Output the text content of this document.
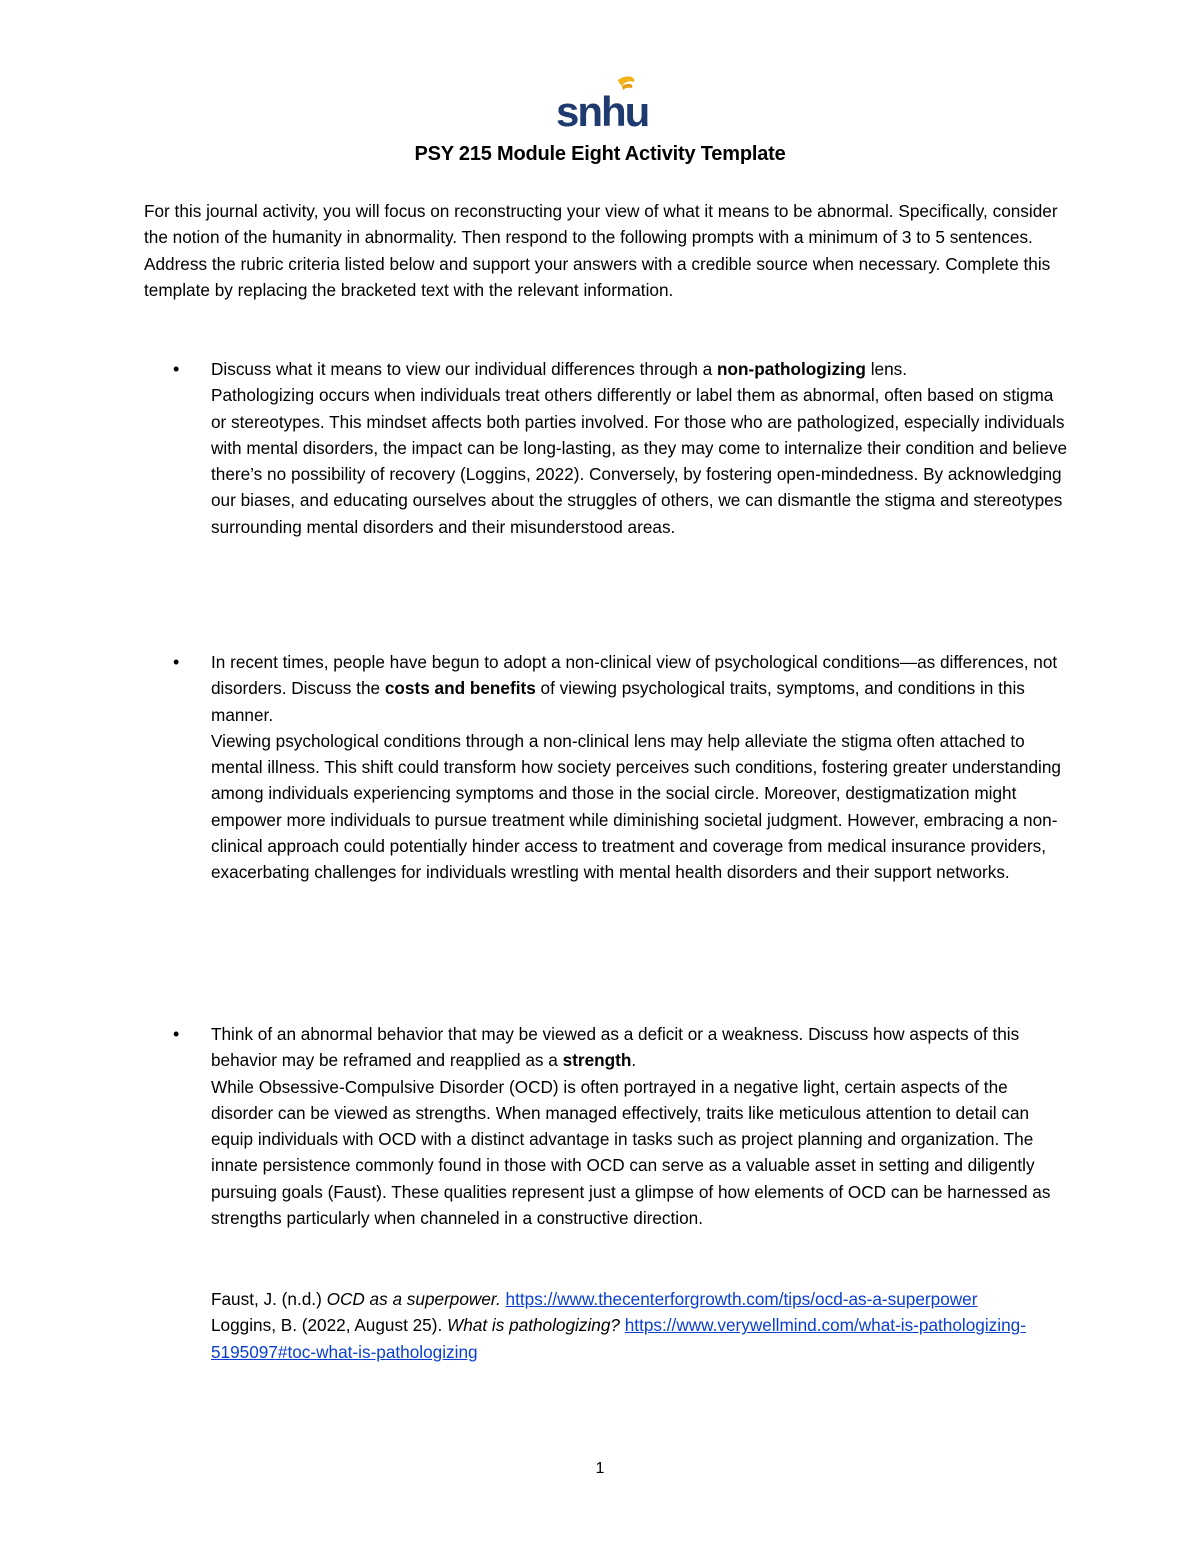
snhu
PSY 215 Module Eight Activity Template
For this journal activity, you will focus on reconstructing your view of what it means to be abnormal. Specifically, consider the notion of the humanity in abnormality. Then respond to the following prompts with a minimum of 3 to 5 sentences. Address the rubric criteria listed below and support your answers with a credible source when necessary. Complete this template by replacing the bracketed text with the relevant information.
•
Discuss what it means to view our individual differences through a non-pathologizing lens.
Pathologizing occurs when individuals treat others differently or label them as abnormal, often based on stigma or stereotypes. This mindset affects both parties involved. For those who are pathologized, especially individuals with mental disorders, the impact can be long-lasting, as they may come to internalize their condition and believe there’s no possibility of recovery (Loggins, 2022). Conversely, by fostering open-mindedness. By acknowledging our biases, and educating ourselves about the struggles of others, we can dismantle the stigma and stereotypes surrounding mental disorders and their misunderstood areas.
•
In recent times, people have begun to adopt a non-clinical view of psychological conditions—as differences, not disorders. Discuss the costs and benefits of viewing psychological traits, symptoms, and conditions in this manner.
Viewing psychological conditions through a non-clinical lens may help alleviate the stigma often attached to mental illness. This shift could transform how society perceives such conditions, fostering greater understanding among individuals experiencing symptoms and those in the social circle. Moreover, destigmatization might empower more individuals to pursue treatment while diminishing societal judgment. However, embracing a non-clinical approach could potentially hinder access to treatment and coverage from medical insurance providers, exacerbating challenges for individuals wrestling with mental health disorders and their support networks.
•
Think of an abnormal behavior that may be viewed as a deficit or a weakness. Discuss how aspects of this behavior may be reframed and reapplied as a strength.
While Obsessive-Compulsive Disorder (OCD) is often portrayed in a negative light, certain aspects of the disorder can be viewed as strengths. When managed effectively, traits like meticulous attention to detail can equip individuals with OCD with a distinct advantage in tasks such as project planning and organization. The innate persistence commonly found in those with OCD can serve as a valuable asset in setting and diligently pursuing goals (Faust). These qualities represent just a glimpse of how elements of OCD can be harnessed as strengths particularly when channeled in a constructive direction.
Faust, J. (n.d.) OCD as a superpower. https://www.thecenterforgrowth.com/tips/ocd-as-a-superpower
Loggins, B. (2022, August 25). What is pathologizing? https://www.verywellmind.com/what-is-pathologizing-5195097#toc-what-is-pathologizing
1
